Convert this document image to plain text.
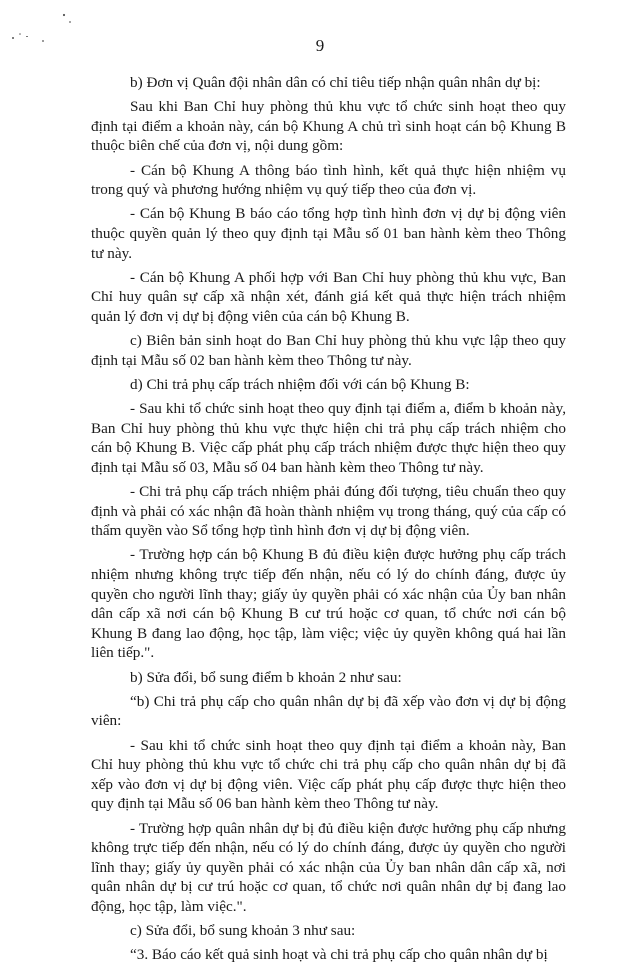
9

b) Đơn vị Quân đội nhân dân có chỉ tiêu tiếp nhận quân nhân dự bị:

Sau khi Ban Chỉ huy phòng thủ khu vực tổ chức sinh hoạt theo quy định tại điểm a khoản này, cán bộ Khung A chủ trì sinh hoạt cán bộ Khung B thuộc biên chế của đơn vị, nội dung gồm:

- Cán bộ Khung A thông báo tình hình, kết quả thực hiện nhiệm vụ trong quý và phương hướng nhiệm vụ quý tiếp theo của đơn vị.

- Cán bộ Khung B báo cáo tổng hợp tình hình đơn vị dự bị động viên thuộc quyền quản lý theo quy định tại Mẫu số 01 ban hành kèm theo Thông tư này.

- Cán bộ Khung A phối hợp với Ban Chỉ huy phòng thủ khu vực, Ban Chỉ huy quân sự cấp xã nhận xét, đánh giá kết quả thực hiện trách nhiệm quản lý đơn vị dự bị động viên của cán bộ Khung B.

c) Biên bản sinh hoạt do Ban Chỉ huy phòng thủ khu vực lập theo quy định tại Mẫu số 02 ban hành kèm theo Thông tư này.

d) Chi trả phụ cấp trách nhiệm đối với cán bộ Khung B:

- Sau khi tổ chức sinh hoạt theo quy định tại điểm a, điểm b khoản này, Ban Chỉ huy phòng thủ khu vực thực hiện chi trả phụ cấp trách nhiệm cho cán bộ Khung B. Việc cấp phát phụ cấp trách nhiệm được thực hiện theo quy định tại Mẫu số 03, Mẫu số 04 ban hành kèm theo Thông tư này.

- Chi trả phụ cấp trách nhiệm phải đúng đối tượng, tiêu chuẩn theo quy định và phải có xác nhận đã hoàn thành nhiệm vụ trong tháng, quý của cấp có thẩm quyền vào Sổ tổng hợp tình hình đơn vị dự bị động viên.

- Trường hợp cán bộ Khung B đủ điều kiện được hưởng phụ cấp trách nhiệm nhưng không trực tiếp đến nhận, nếu có lý do chính đáng, được ủy quyền cho người lĩnh thay; giấy ủy quyền phải có xác nhận của Ủy ban nhân dân cấp xã nơi cán bộ Khung B cư trú hoặc cơ quan, tổ chức nơi cán bộ Khung B đang lao động, học tập, làm việc; việc ủy quyền không quá hai lần liên tiếp.".

b) Sửa đổi, bổ sung điểm b khoản 2 như sau:

“b) Chi trả phụ cấp cho quân nhân dự bị đã xếp vào đơn vị dự bị động viên:

- Sau khi tổ chức sinh hoạt theo quy định tại điểm a khoản này, Ban Chỉ huy phòng thủ khu vực tổ chức chi trả phụ cấp cho quân nhân dự bị đã xếp vào đơn vị dự bị động viên. Việc cấp phát phụ cấp được thực hiện theo quy định tại Mẫu số 06 ban hành kèm theo Thông tư này.

- Trường hợp quân nhân dự bị đủ điều kiện được hưởng phụ cấp nhưng không trực tiếp đến nhận, nếu có lý do chính đáng, được ủy quyền cho người lĩnh thay; giấy ủy quyền phải có xác nhận của Ủy ban nhân dân cấp xã, nơi quân nhân dự bị cư trú hoặc cơ quan, tổ chức nơi quân nhân dự bị đang lao động, học tập, làm việc.".

c) Sửa đổi, bổ sung khoản 3 như sau:

“3. Báo cáo kết quả sinh hoạt và chi trả phụ cấp cho quân nhân dự bị
